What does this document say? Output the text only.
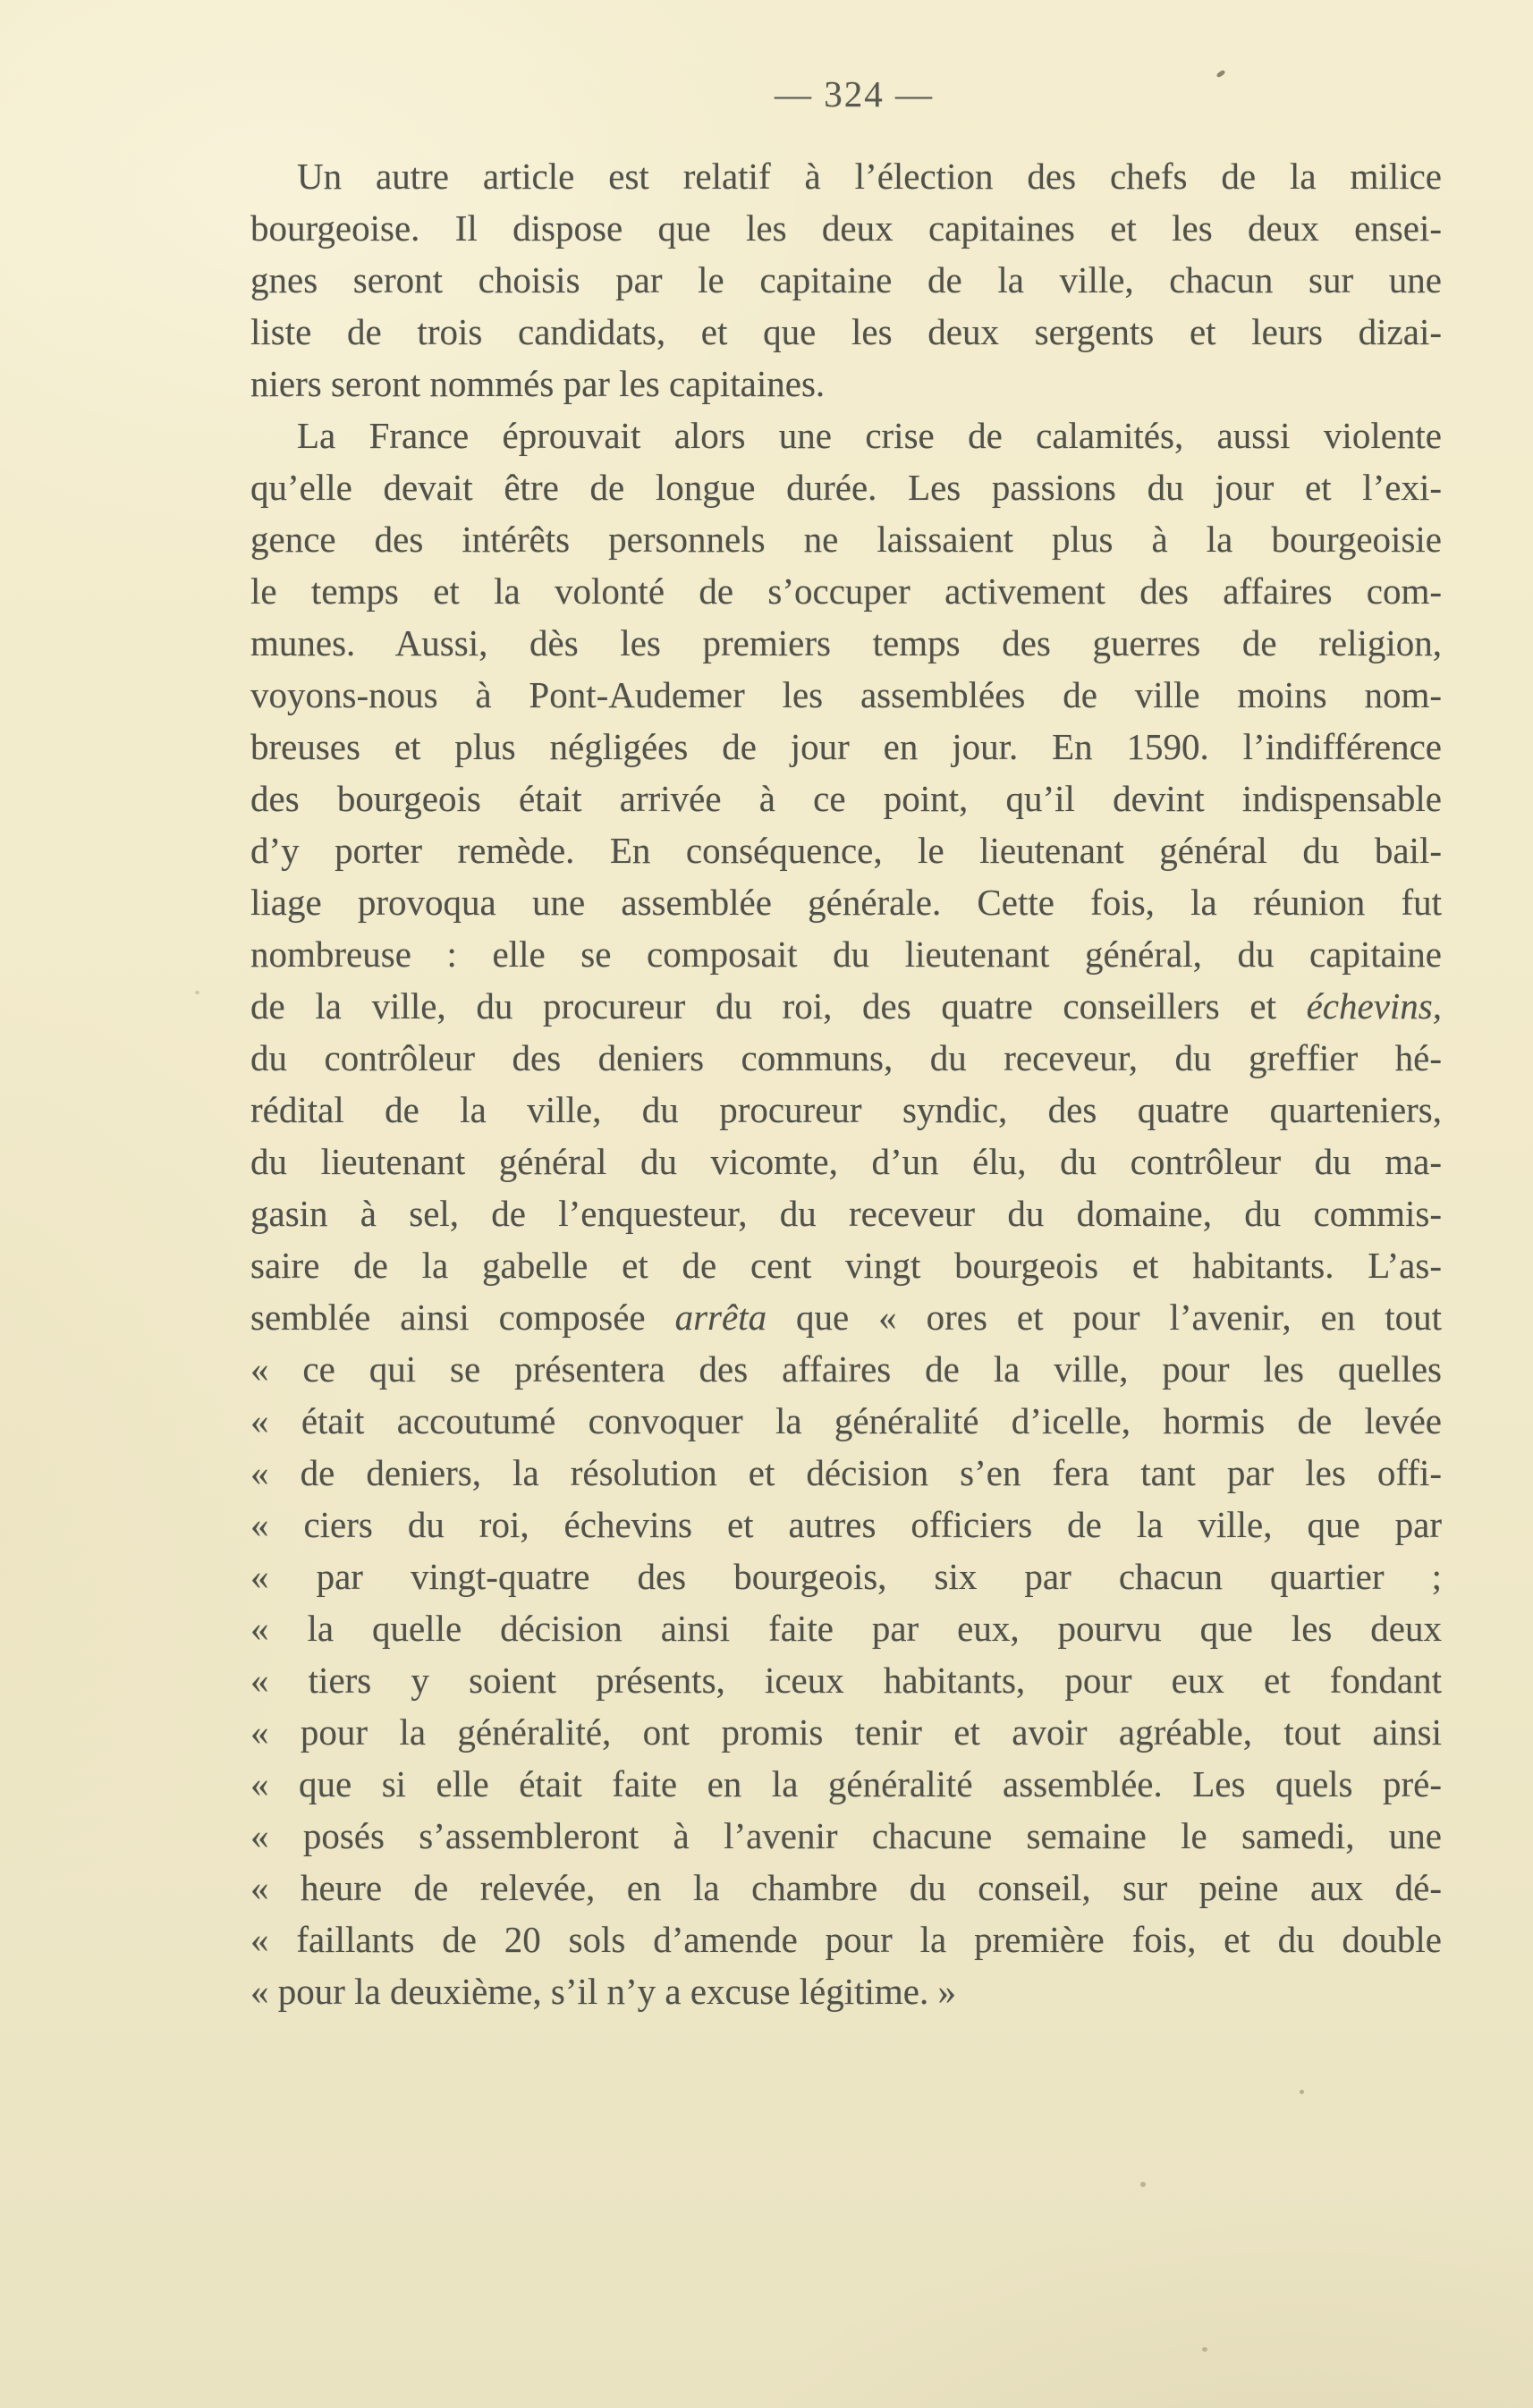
— 324 —
Un autre article est relatif à l’élection des chefs de la milice
bourgeoise. Il dispose que les deux capitaines et les deux ensei-
gnes seront choisis par le capitaine de la ville, chacun sur une
liste de trois candidats, et que les deux sergents et leurs dizai-
niers seront nommés par les capitaines.
La France éprouvait alors une crise de calamités, aussi violente
qu’elle devait être de longue durée. Les passions du jour et l’exi-
gence des intérêts personnels ne laissaient plus à la bourgeoisie
le temps et la volonté de s’occuper activement des affaires com-
munes. Aussi, dès les premiers temps des guerres de religion,
voyons-nous à Pont-Audemer les assemblées de ville moins nom-
breuses et plus négligées de jour en jour. En 1590. l’indifférence
des bourgeois était arrivée à ce point, qu’il devint indispensable
d’y porter remède. En conséquence, le lieutenant général du bail-
liage provoqua une assemblée générale. Cette fois, la réunion fut
nombreuse : elle se composait du lieutenant général, du capitaine
de la ville, du procureur du roi, des quatre conseillers et échevins,
du contrôleur des deniers communs, du receveur, du greffier hé-
rédital de la ville, du procureur syndic, des quatre quarteniers,
du lieutenant général du vicomte, d’un élu, du contrôleur du ma-
gasin à sel, de l’enquesteur, du receveur du domaine, du commis-
saire de la gabelle et de cent vingt bourgeois et habitants. L’as-
semblée ainsi composée arrêta que « ores et pour l’avenir, en tout
« ce qui se présentera des affaires de la ville, pour les quelles
« était accoutumé convoquer la généralité d’icelle, hormis de levée
« de deniers, la résolution et décision s’en fera tant par les offi-
« ciers du roi, échevins et autres officiers de la ville, que par
« par vingt-quatre des bourgeois, six par chacun quartier ;
« la quelle décision ainsi faite par eux, pourvu que les deux
« tiers y soient présents, iceux habitants, pour eux et fondant
« pour la généralité, ont promis tenir et avoir agréable, tout ainsi
« que si elle était faite en la généralité assemblée. Les quels pré-
« posés s’assembleront à l’avenir chacune semaine le samedi, une
« heure de relevée, en la chambre du conseil, sur peine aux dé-
« faillants de 20 sols d’amende pour la première fois, et du double
« pour la deuxième, s’il n’y a excuse légitime. »
